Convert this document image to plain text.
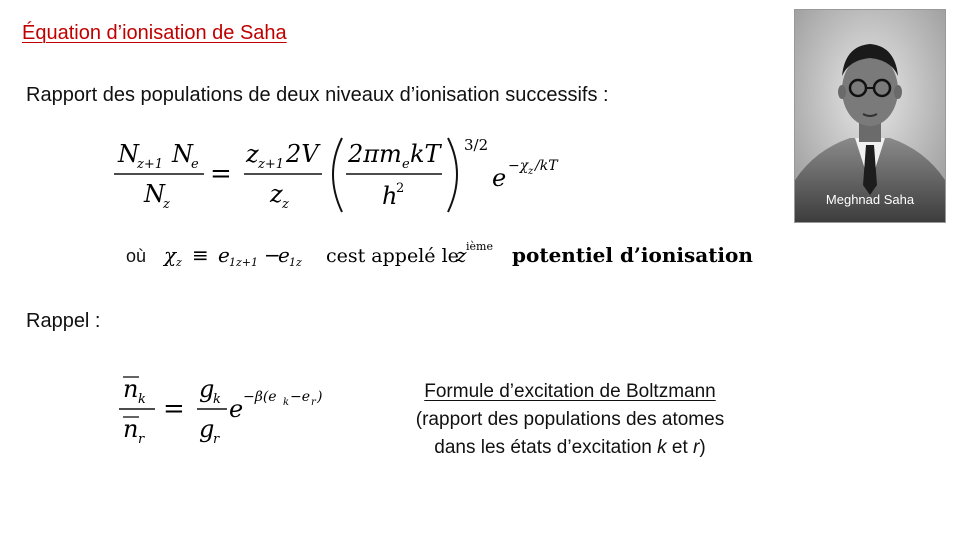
Équation d’ionisation de Saha
Rapport des populations de deux niveaux d’ionisation successifs :
N
z+1 N
e
N
z
=
z z+1 2V
z z
2πm e kT
h
2
3/2
e −χ z /kT
où χ z ≡ e 1z+1 −
e 1z cest appelé le
z ième potentiel d’ionisation
Rappel :
n k
n r
=
g
k
g
r
e −β(e k −e r )	Formule d’excitation de Boltzmann
(rapport des populations des atomes
dans les états d’excitation k et r)
Meghnad Saha
